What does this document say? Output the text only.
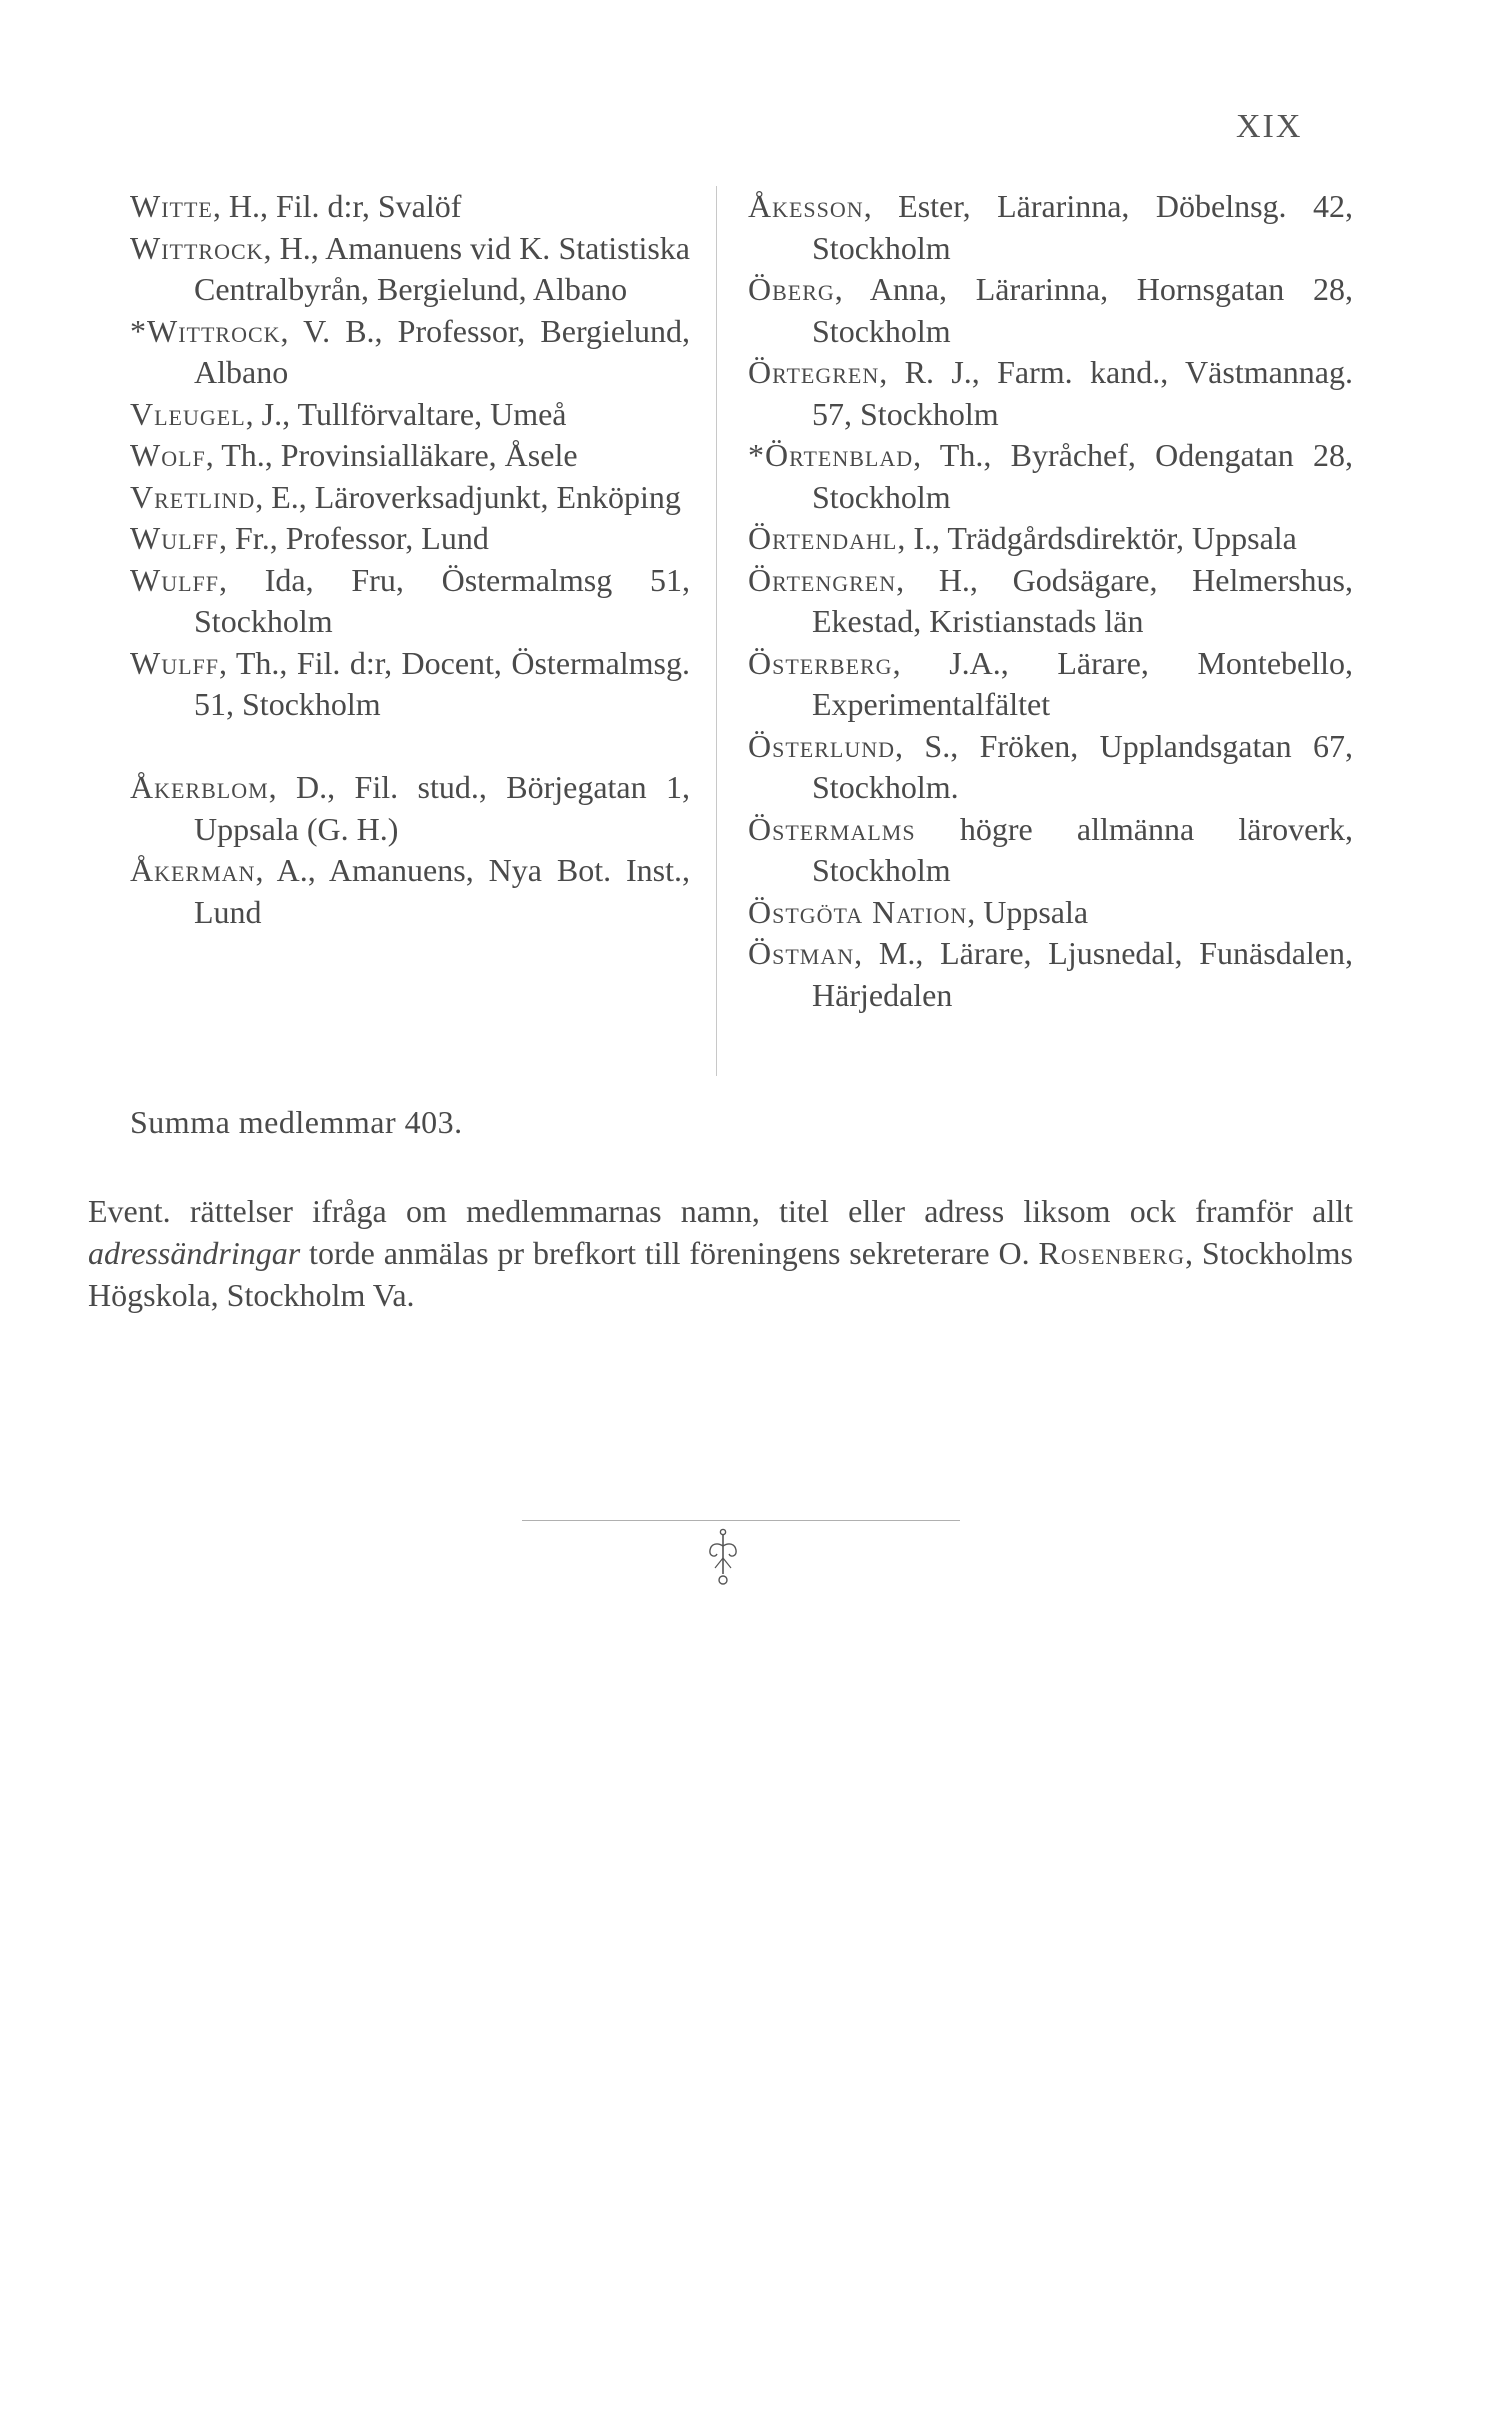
XIX
Witte, H., Fil. d:r, Svalöf
Wittrock, H., Amanuens vid K. Statistiska Centralbyrån, Bergielund, Albano
*Wittrock, V. B., Professor, Bergielund, Albano
Vleugel, J., Tullförvaltare, Umeå
Wolf, Th., Provinsialläkare, Åsele
Vretlind, E., Läroverksadjunkt, Enköping
Wulff, Fr., Professor, Lund
Wulff, Ida, Fru, Östermalmsg 51, Stockholm
Wulff, Th., Fil. d:r, Docent, Östermalmsg. 51, Stockholm
Åkerblom, D., Fil. stud., Börjegatan 1, Uppsala (G. H.)
Åkerman, A., Amanuens, Nya Bot. Inst., Lund
Åkesson, Ester, Lärarinna, Döbelnsg. 42, Stockholm
Öberg, Anna, Lärarinna, Hornsgatan 28, Stockholm
Örtegren, R. J., Farm. kand., Västmannag. 57, Stockholm
*Örtenblad, Th., Byråchef, Odengatan 28, Stockholm
Örtendahl, I., Trädgårdsdirektör, Uppsala
Örtengren, H., Godsägare, Helmershus, Ekestad, Kristianstads län
Österberg, J.A., Lärare, Montebello, Experimentalfältet
Österlund, S., Fröken, Upplandsgatan 67, Stockholm.
Östermalms högre allmänna läroverk, Stockholm
Östgöta Nation, Uppsala
Östman, M., Lärare, Ljusnedal, Funäsdalen, Härjedalen
Summa medlemmar 403.
Event. rättelser ifråga om medlemmarnas namn, titel eller adress liksom ock framför allt adressändringar torde anmälas pr brefkort till föreningens sekreterare O. Rosenberg, Stockholms Högskola, Stockholm Va.
